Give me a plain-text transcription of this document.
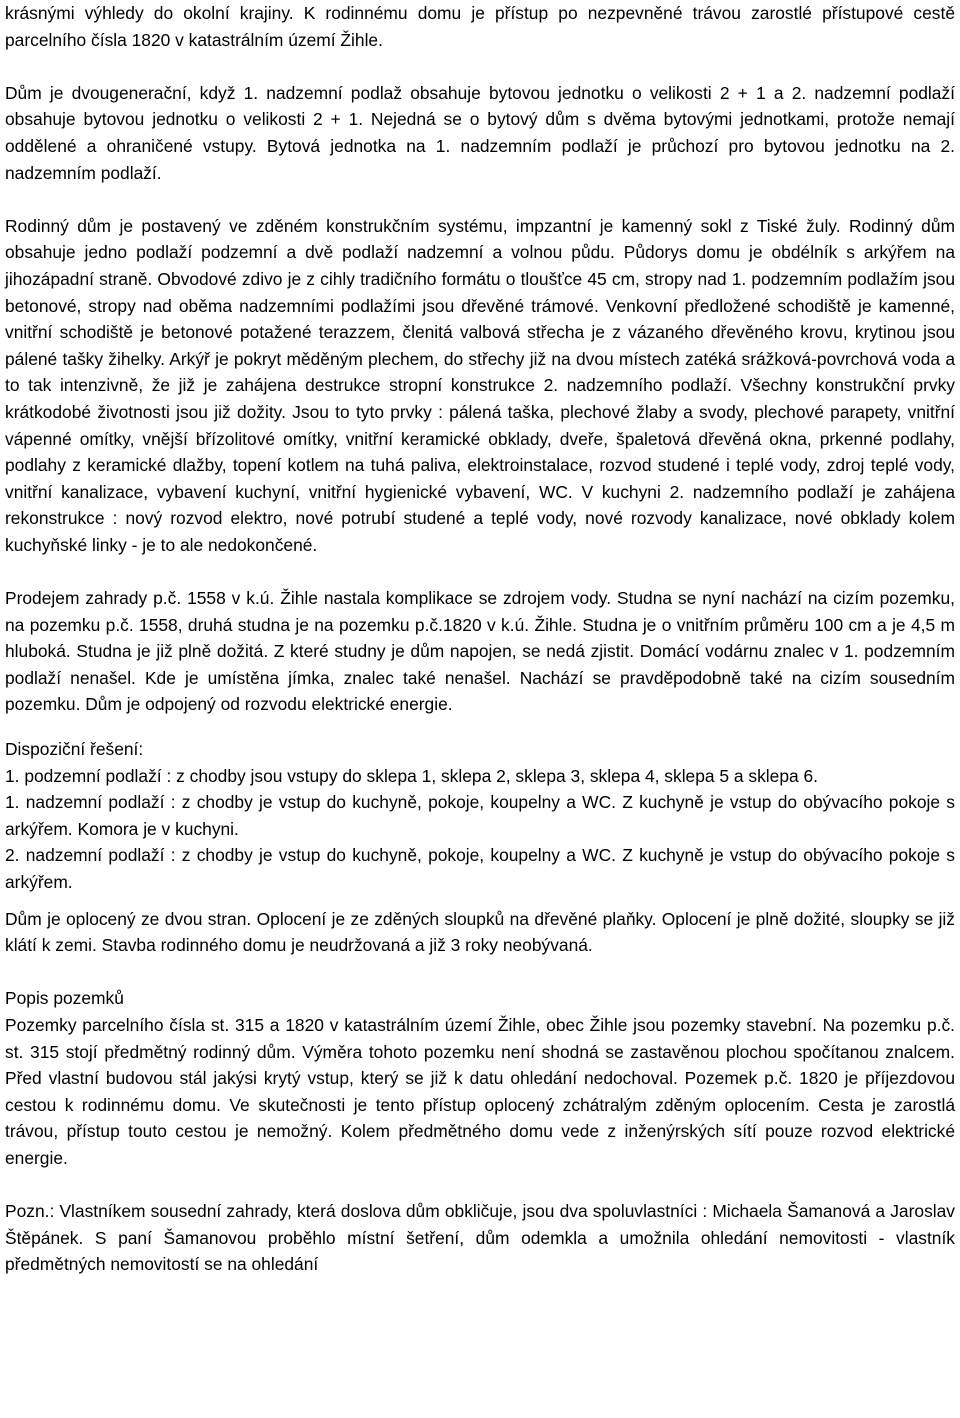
krásnými výhledy do okolní krajiny. K rodinnému domu je přístup po nezpevněné trávou zarostlé přístupové cestě parcelního čísla 1820 v katastrálním území Žihle.

Dům je dvougenerační, když 1. nadzemní podlaž obsahuje bytovou jednotku o velikosti 2 + 1 a 2. nadzemní podlaží obsahuje bytovou jednotku o velikosti 2 + 1. Nejedná se o bytový dům s dvěma bytovými jednotkami, protože nemají oddělené a ohraničené vstupy. Bytová jednotka na 1. nadzemním podlaží je průchozí pro bytovou jednotku na 2. nadzemním podlaží.

Rodinný dům je postavený ve zděném konstrukčním systému, impzantní je kamenný sokl z Tiské žuly. Rodinný dům obsahuje jedno podlaží podzemní a dvě podlaží nadzemní a volnou půdu. Půdorys domu je obdélník s arkýřem na jihozápadní straně. Obvodové zdivo je z cihly tradičního formátu o tloušťce 45 cm, stropy nad 1. podzemním podlažím jsou betonové, stropy nad oběma nadzemními podlažími jsou dřevěné trámové. Venkovní předložené schodiště je kamenné, vnitřní schodiště je betonové potažené terazzem, členitá valbová střecha je z vázaného dřevěného krovu, krytinou jsou pálené tašky žihelky. Arkýř je pokryt měděným plechem, do střechy již na dvou místech zatéká srážková-povrchová voda a to tak intenzivně, že již je zahájena destrukce stropní konstrukce 2. nadzemního podlaží. Všechny konstrukční prvky krátkodobé životnosti jsou již dožity. Jsou to tyto prvky : pálená taška, plechové žlaby a svody, plechové parapety, vnitřní vápenné omítky, vnější břízolitové omítky, vnitřní keramické obklady, dveře, špaletová dřevěná okna, prkenné podlahy, podlahy z keramické dlažby, topení kotlem na tuhá paliva, elektroinstalace, rozvod studené i teplé vody, zdroj teplé vody, vnitřní kanalizace, vybavení kuchyní, vnitřní hygienické vybavení, WC. V kuchyni 2. nadzemního podlaží je zahájena rekonstrukce : nový rozvod elektro, nové potrubí studené a teplé vody, nové rozvody kanalizace, nové obklady kolem kuchyňské linky - je to ale nedokončené.

Prodejem zahrady p.č. 1558 v k.ú. Žihle nastala komplikace se zdrojem vody. Studna se nyní nachází na cizím pozemku, na pozemku p.č. 1558, druhá studna je na pozemku p.č.1820 v k.ú. Žihle. Studna je o vnitřním průměru 100 cm a je 4,5 m hluboká. Studna je již plně dožitá. Z které studny je dům napojen, se nedá zjistit. Domácí vodárnu znalec v 1. podzemním podlaží nenašel. Kde je umístěna jímka, znalec také nenašel. Nachází se pravděpodobně také na cizím sousedním pozemku. Dům je odpojený od rozvodu elektrické energie.

Dispoziční řešení:

1. podzemní podlaží : z chodby jsou vstupy do sklepa 1, sklepa 2, sklepa 3, sklepa 4, sklepa 5 a sklepa 6.

1. nadzemní podlaží : z chodby je vstup do kuchyně, pokoje, koupelny a WC. Z kuchyně je vstup do obývacího pokoje s arkýřem. Komora je v kuchyni.

2. nadzemní podlaží : z chodby je vstup do kuchyně, pokoje, koupelny a WC. Z kuchyně je vstup do obývacího pokoje s arkýřem.

Dům je oplocený ze dvou stran. Oplocení je ze zděných sloupků na dřevěné plaňky. Oplocení je plně dožité, sloupky se již klátí k zemi. Stavba rodinného domu je neudržovaná a již 3 roky neobývaná.

Popis pozemků

Pozemky parcelního čísla st. 315 a 1820 v katastrálním území Žihle, obec Žihle jsou pozemky stavební. Na pozemku p.č. st. 315 stojí předmětný rodinný dům. Výměra tohoto pozemku není shodná se zastavěnou plochou spočítanou znalcem. Před vlastní budovou stál jakýsi krytý vstup, který se již k datu ohledání nedochoval. Pozemek p.č. 1820 je příjezdovou cestou k rodinnému domu. Ve skutečnosti je tento přístup oplocený zchátralým zděným oplocením. Cesta je zarostlá trávou, přístup touto cestou je nemožný. Kolem předmětného domu vede z inženýrských sítí pouze rozvod elektrické energie.

Pozn.: Vlastníkem sousední zahrady, která doslova dům obkličuje, jsou dva spoluvlastníci : Michaela Šamanová a Jaroslav Štěpánek. S paní Šamanovou proběhlo místní šetření, dům odemkla a umožnila ohledání nemovitosti - vlastník předmětných nemovitostí se na ohledání
